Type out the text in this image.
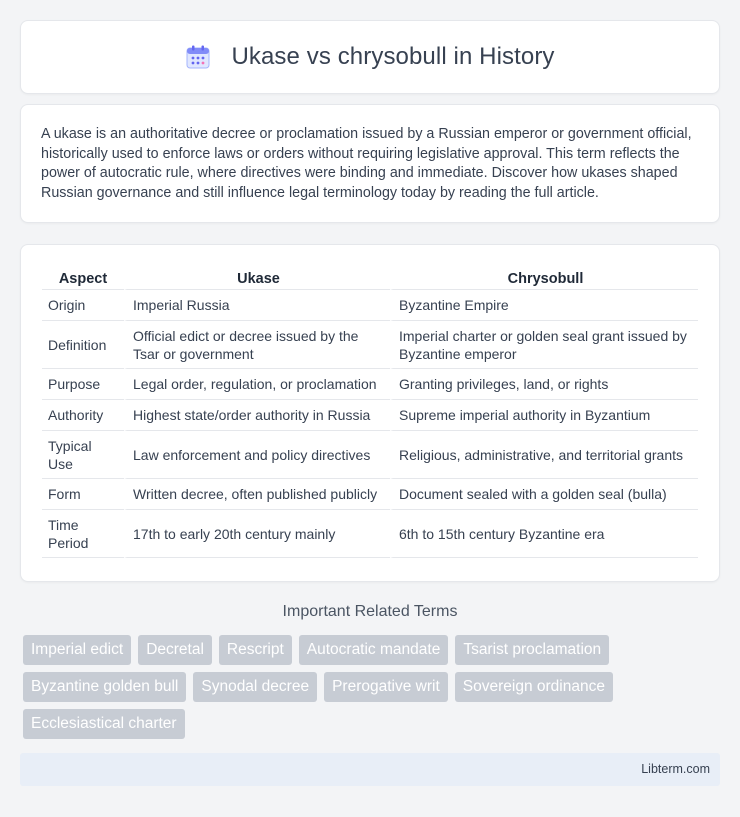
Ukase vs chrysobull in History

A ukase is an authoritative decree or proclamation issued by a Russian emperor or government official, historically used to enforce laws or orders without requiring legislative approval. This term reflects the power of autocratic rule, where directives were binding and immediate. Discover how ukases shaped Russian governance and still influence legal terminology today by reading the full article.

Aspect	Ukase	Chrysobull
Origin	Imperial Russia	Byzantine Empire
Definition	Official edict or decree issued by the Tsar or government	Imperial charter or golden seal grant issued by Byzantine emperor
Purpose	Legal order, regulation, or proclamation	Granting privileges, land, or rights
Authority	Highest state/order authority in Russia	Supreme imperial authority in Byzantium
Typical Use	Law enforcement and policy directives	Religious, administrative, and territorial grants
Form	Written decree, often published publicly	Document sealed with a golden seal (bulla)
Time Period	17th to early 20th century mainly	6th to 15th century Byzantine era
Important Related Terms
Imperial edict	Decretal	Rescript	Autocratic mandate	Tsarist proclamation
Byzantine golden bull	Synodal decree	Prerogative writ	Sovereign ordinance
Ecclesiastical charter
Libterm.com
